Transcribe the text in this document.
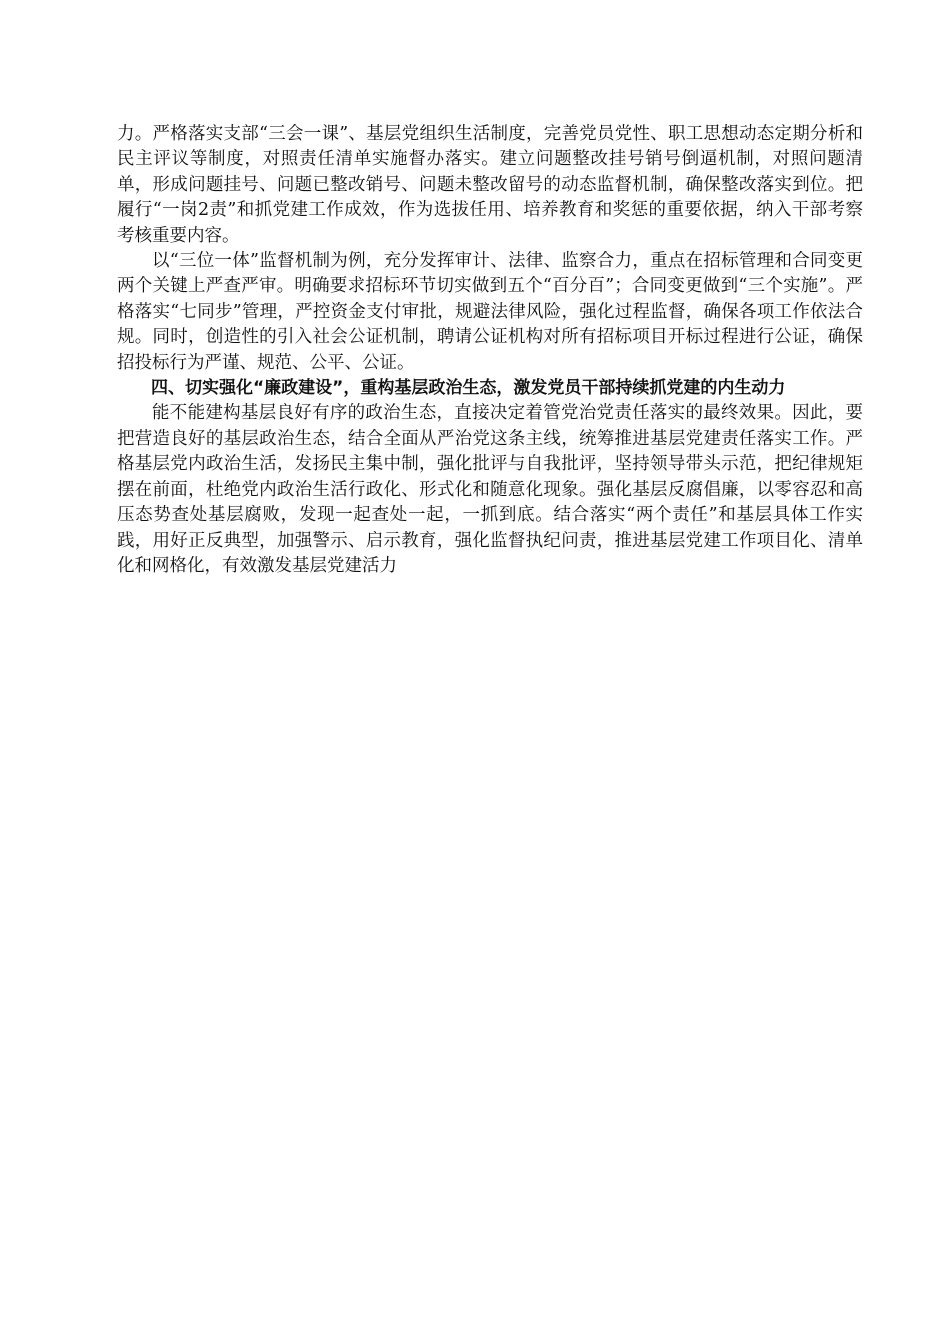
力。严格落实支部“三会一课”、基层党组织生活制度，完善党员党性、职工思想动态定期分析和民主评议等制度，对照责任清单实施督办落实。建立问题整改挂号销号倒逼机制，对照问题清单，形成问题挂号、问题已整改销号、问题未整改留号的动态监督机制，确保整改落实到位。把履行“一岗2责”和抓党建工作成效，作为选拔任用、培养教育和奖惩的重要依据，纳入干部考察考核重要内容。

以“三位一体”监督机制为例，充分发挥审计、法律、监察合力，重点在招标管理和合同变更两个关键上严查严审。明确要求招标环节切实做到五个“百分百”；合同变更做到“三个实施”。严格落实“七同步”管理，严控资金支付审批，规避法律风险，强化过程监督，确保各项工作依法合规。同时，创造性的引入社会公证机制，聘请公证机构对所有招标项目开标过程进行公证，确保招投标行为严谨、规范、公平、公证。

四、切实强化“廉政建设”，重构基层政治生态，激发党员干部持续抓党建的内生动力

能不能建构基层良好有序的政治生态，直接决定着管党治党责任落实的最终效果。因此，要把营造良好的基层政治生态，结合全面从严治党这条主线，统筹推进基层党建责任落实工作。严格基层党内政治生活，发扬民主集中制，强化批评与自我批评，坚持领导带头示范，把纪律规矩摆在前面，杜绝党内政治生活行政化、形式化和随意化现象。强化基层反腐倡廉，以零容忍和高压态势查处基层腐败，发现一起查处一起，一抓到底。结合落实“两个责任”和基层具体工作实践，用好正反典型，加强警示、启示教育，强化监督执纪问责，推进基层党建工作项目化、清单化和网格化，有效激发基层党建活力
